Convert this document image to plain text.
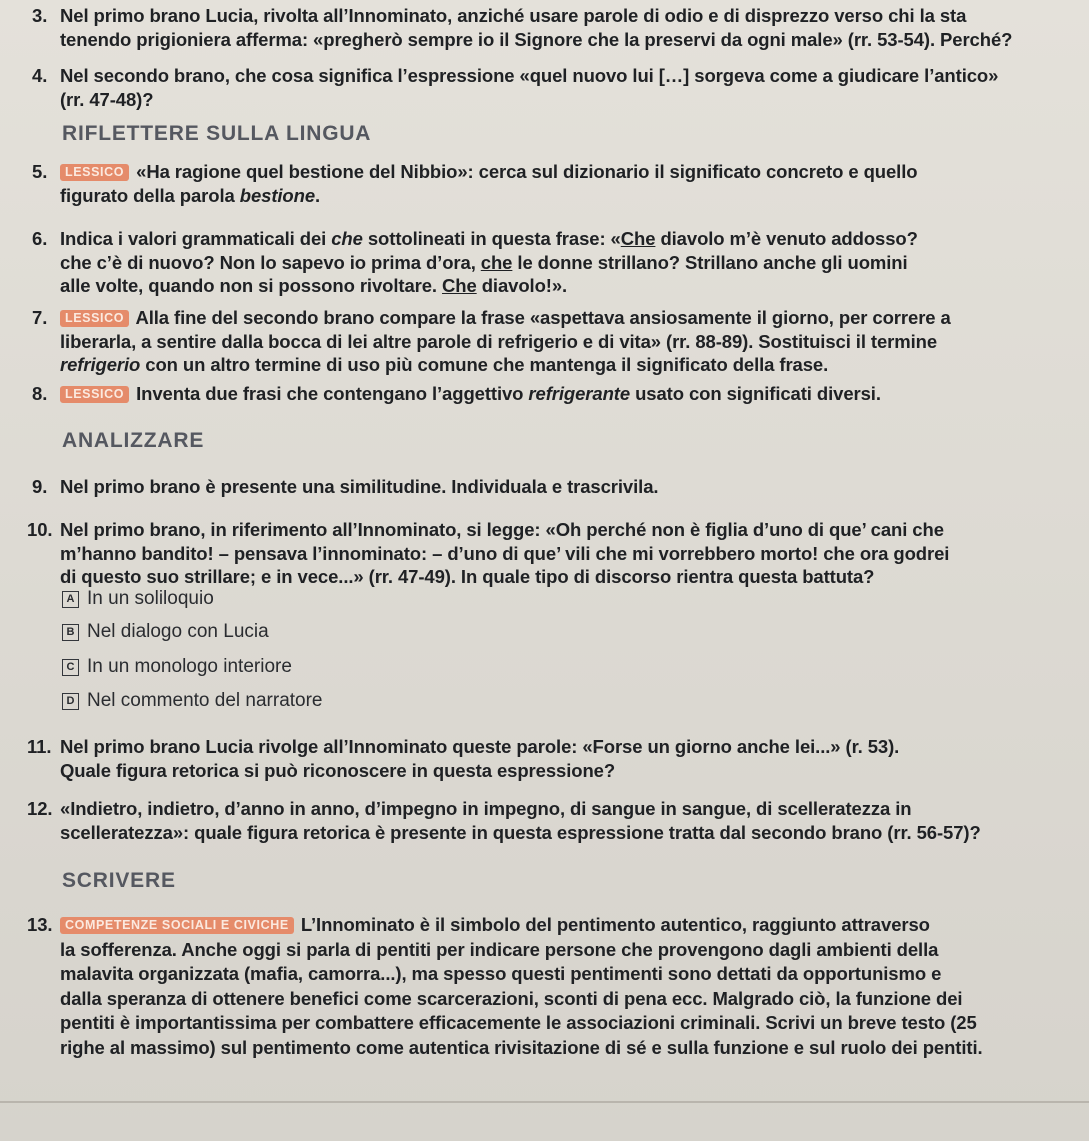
3. Nel primo brano Lucia, rivolta all’Innominato, anziché usare parole di odio e di disprezzo verso chi la sta
tenendo prigioniera afferma: «pregherò sempre io il Signore che la preservi da ogni male» (rr. 53-54). Perché?
4. Nel secondo brano, che cosa significa l’espressione «quel nuovo lui […] sorgeva come a giudicare l’antico»
(rr. 47-48)?
RIFLETTERE SULLA LINGUA
5.	LESSICO «Ha ragione quel bestione del Nibbio»: cerca sul dizionario il significato concreto e quello
figurato della parola bestione.
6. Indica i valori grammaticali dei che sottolineati in questa frase: «Che diavolo m’è venuto addosso?
che c’è di nuovo? Non lo sapevo io prima d’ora, che le donne strillano? Strillano anche gli uomini
alle volte, quando non si possono rivoltare. Che diavolo!».
7.	LESSICO Alla fine del secondo brano compare la frase «aspettava ansiosamente il giorno, per correre a
liberarla, a sentire dalla bocca di lei altre parole di refrigerio e di vita» (rr. 88-89). Sostituisci il termine
refrigerio con un altro termine di uso più comune che mantenga il significato della frase.
8.	LESSICO Inventa due frasi che contengano l’aggettivo refrigerante usato con significati diversi.
ANALIZZARE
9. Nel primo brano è presente una similitudine. Individuala e trascrivila.
10. Nel primo brano, in riferimento all’Innominato, si legge: «Oh perché non è figlia d’uno di que’ cani che
m’hanno bandito! – pensava l’innominato: – d’uno di que’ vili che mi vorrebbero morto! che ora godrei
di questo suo strillare; e in vece...» (rr. 47-49). In quale tipo di discorso rientra questa battuta?
A In un soliloquio
B Nel dialogo con Lucia
C In un monologo interiore
D Nel commento del narratore
11. Nel primo brano Lucia rivolge all’Innominato queste parole: «Forse un giorno anche lei...» (r. 53).
Quale figura retorica si può riconoscere in questa espressione?
12. «Indietro, indietro, d’anno in anno, d’impegno in impegno, di sangue in sangue, di scelleratezza in
scelleratezza»: quale figura retorica è presente in questa espressione tratta dal secondo brano (rr. 56-57)?
SCRIVERE
13.	COMPETENZE SOCIALI E CIVICHE L’Innominato è il simbolo del pentimento autentico, raggiunto attraverso
la sofferenza. Anche oggi si parla di pentiti per indicare persone che provengono dagli ambienti della
malavita organizzata (mafia, camorra...), ma spesso questi pentimenti sono dettati da opportunismo e
dalla speranza di ottenere benefici come scarcerazioni, sconti di pena ecc. Malgrado ciò, la funzione dei
pentiti è importantissima per combattere efficacemente le associazioni criminali. Scrivi un breve testo (25
righe al massimo) sul pentimento come autentica rivisitazione di sé e sulla funzione e sul ruolo dei pentiti.
